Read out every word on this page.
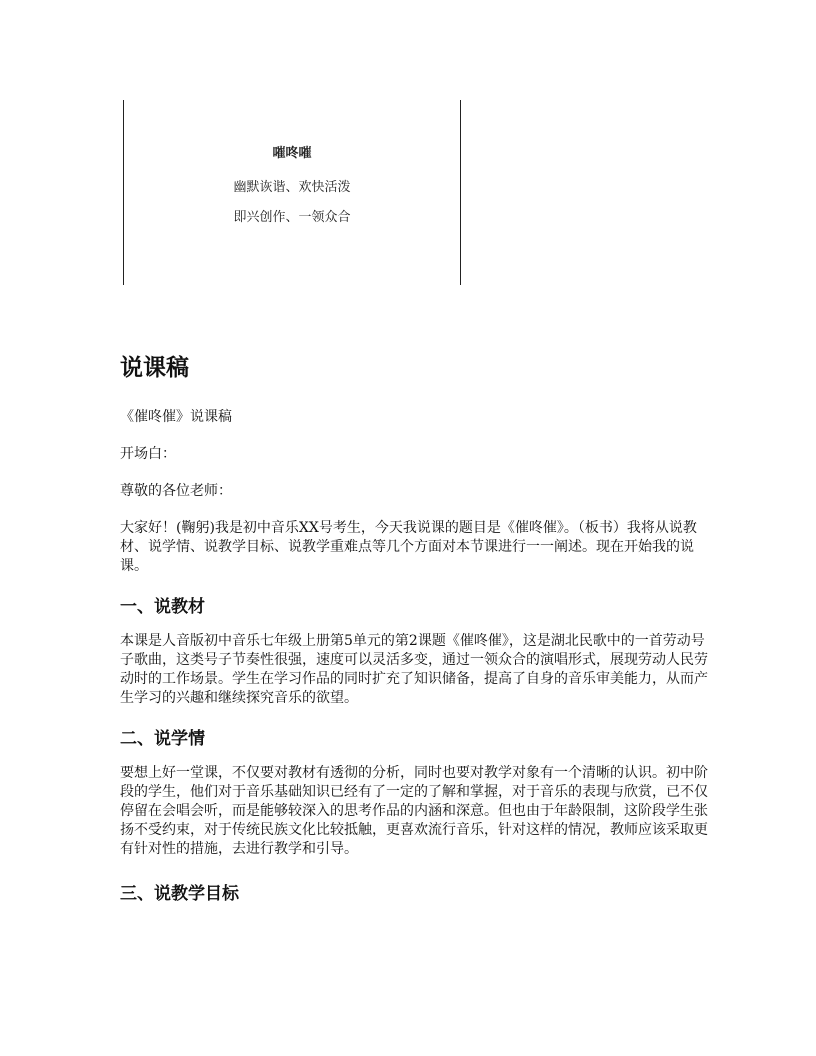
嗺咚嗺
幽默诙谐、欢快活泼
即兴创作、一领众合
说课稿

《催咚催》说课稿

开场白：

尊敬的各位老师：

大家好！(鞠躬)我是初中音乐XX号考生，今天我说课的题目是《催咚催》。（板书）我将从说教材、说学情、说教学目标、说教学重难点等几个方面对本节课进行一一阐述。现在开始我的说课。

一、说教材

本课是人音版初中音乐七年级上册第5单元的第2课题《催咚催》，这是湖北民歌中的一首劳动号子歌曲，这类号子节奏性很强，速度可以灵活多变，通过一领众合的演唱形式，展现劳动人民劳动时的工作场景。学生在学习作品的同时扩充了知识储备，提高了自身的音乐审美能力，从而产生学习的兴趣和继续探究音乐的欲望。

二、说学情

要想上好一堂课，不仅要对教材有透彻的分析，同时也要对教学对象有一个清晰的认识。初中阶段的学生，他们对于音乐基础知识已经有了一定的了解和掌握，对于音乐的表现与欣赏，已不仅停留在会唱会听，而是能够较深入的思考作品的内涵和深意。但也由于年龄限制，这阶段学生张扬不受约束，对于传统民族文化比较抵触，更喜欢流行音乐，针对这样的情况，教师应该采取更有针对性的措施，去进行教学和引导。

三、说教学目标
